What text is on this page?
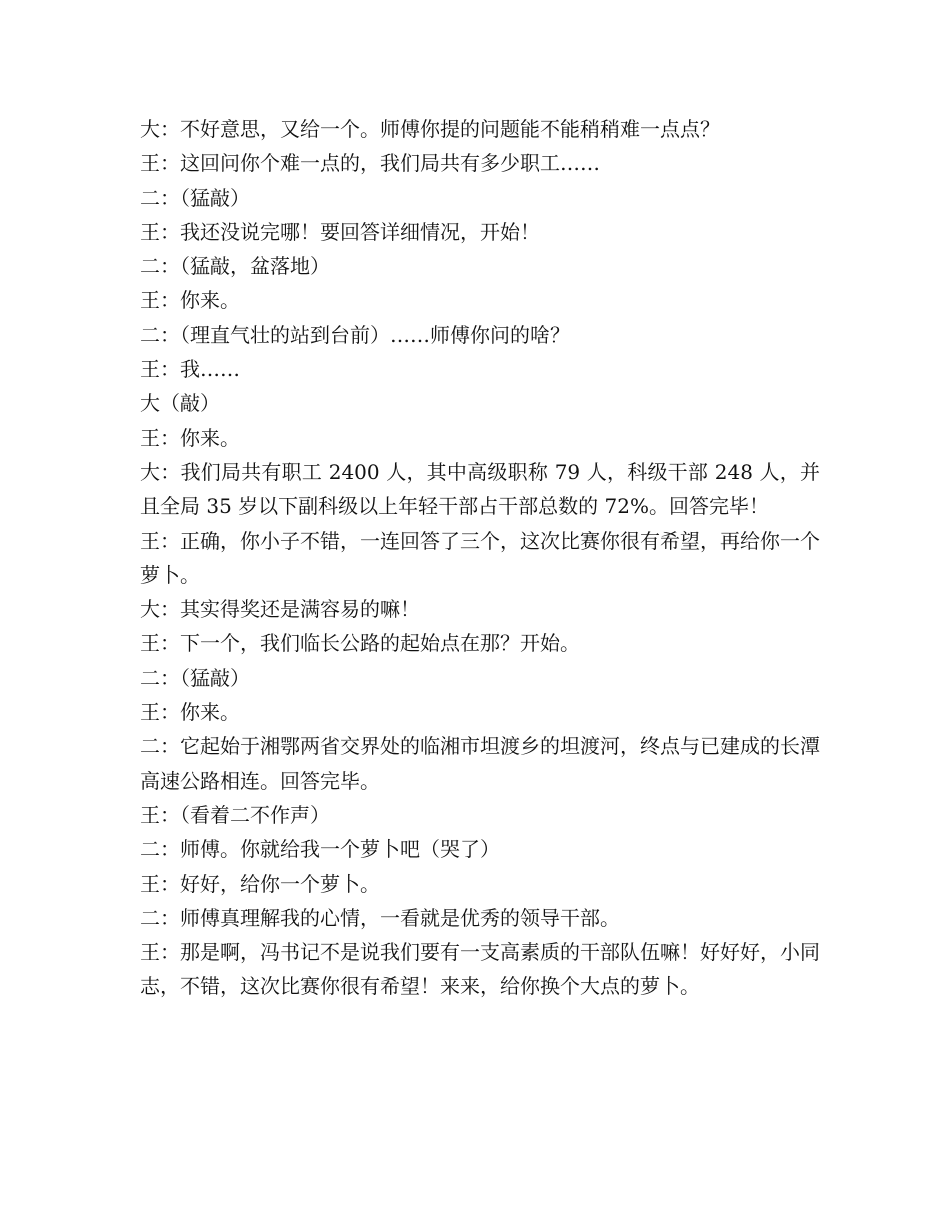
大：不好意思，又给一个。师傅你提的问题能不能稍稍难一点点？

王：这回问你个难一点的，我们局共有多少职工……

二：（猛敲）

王：我还没说完哪！要回答详细情况，开始！

二：（猛敲，盆落地）

王：你来。

二：（理直气壮的站到台前）……师傅你问的啥？

王：我……

大（敲）

王：你来。

大：我们局共有职工 2400 人，其中高级职称 79 人，科级干部 248 人，并且全局 35 岁以下副科级以上年轻干部占干部总数的 72%。回答完毕！

王：正确，你小子不错，一连回答了三个，这次比赛你很有希望，再给你一个萝卜。

大：其实得奖还是满容易的嘛！

王：下一个，我们临长公路的起始点在那？开始。

二：（猛敲）

王：你来。

二：它起始于湘鄂两省交界处的临湘市坦渡乡的坦渡河，终点与已建成的长潭高速公路相连。回答完毕。

王：（看着二不作声）

二：师傅。你就给我一个萝卜吧（哭了）

王：好好，给你一个萝卜。

二：师傅真理解我的心情，一看就是优秀的领导干部。

王：那是啊，冯书记不是说我们要有一支高素质的干部队伍嘛！好好好，小同志，不错，这次比赛你很有希望！来来，给你换个大点的萝卜。
